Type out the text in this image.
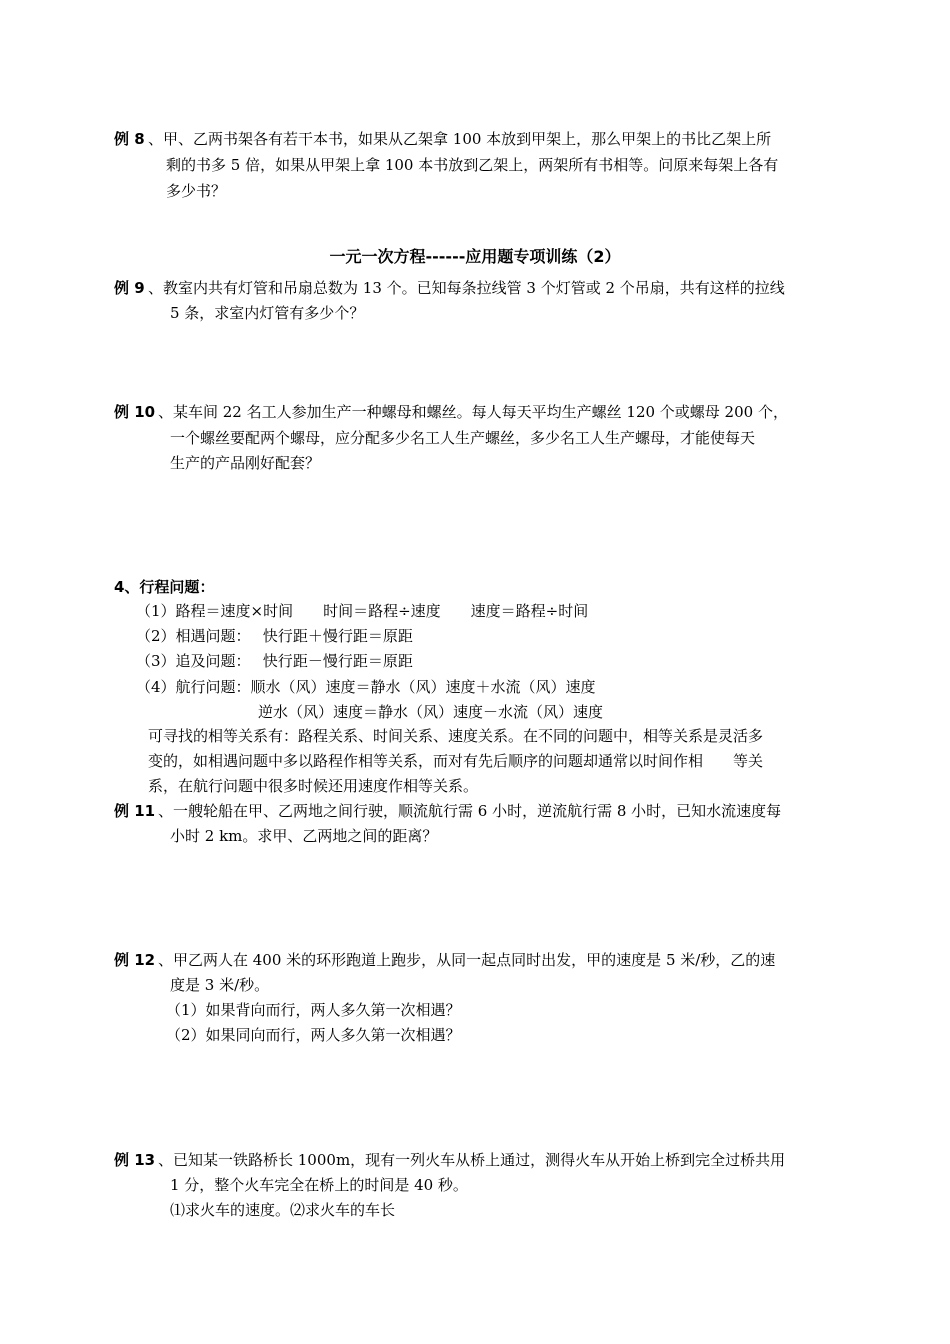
例 8 、甲、乙两书架各有若干本书，如果从乙架拿 100 本放到甲架上，那么甲架上的书比乙架上所
剩的书多 5 倍，如果从甲架上拿 100 本书放到乙架上，两架所有书相等。问原来每架上各有
多少书？
一元一次方程------应用题专项训练（2）
例 9 、教室内共有灯管和吊扇总数为 13 个。已知每条拉线管 3 个灯管或 2 个吊扇，共有这样的拉线
5 条，求室内灯管有多少个？
例 10 、某车间 22 名工人参加生产一种螺母和螺丝。每人每天平均生产螺丝 120 个或螺母 200 个，
一个螺丝要配两个螺母，应分配多少名工人生产螺丝，多少名工人生产螺母，才能使每天
生产的产品刚好配套？
4、行程问题：
（1）路程＝速度×时间　　时间＝路程÷速度　　速度＝路程÷时间
（2）相遇问题：　 快行距＋慢行距＝原距
（3）追及问题：　 快行距－慢行距＝原距
（4）航行问题：顺水（风）速度＝静水（风）速度＋水流（风）速度
逆水（风）速度＝静水（风）速度－水流（风）速度
可寻找的相等关系有：路程关系、时间关系、速度关系。在不同的问题中，相等关系是灵活多
变的，如相遇问题中多以路程作相等关系，而对有先后顺序的问题却通常以时间作相　　等关
系，在航行问题中很多时候还用速度作相等关系。
例 11 、一艘轮船在甲、乙两地之间行驶，顺流航行需 6 小时，逆流航行需 8 小时，已知水流速度每
小时 2 km。求甲、乙两地之间的距离？
例 12 、甲乙两人在 400 米的环形跑道上跑步，从同一起点同时出发，甲的速度是 5 米/秒，乙的速
度是 3 米/秒。
（1）如果背向而行，两人多久第一次相遇？
（2）如果同向而行，两人多久第一次相遇？
例 13 、已知某一铁路桥长 1000m，现有一列火车从桥上通过，测得火车从开始上桥到完全过桥共用
1 分，整个火车完全在桥上的时间是 40 秒。
⑴求火车的速度。⑵求火车的车长
